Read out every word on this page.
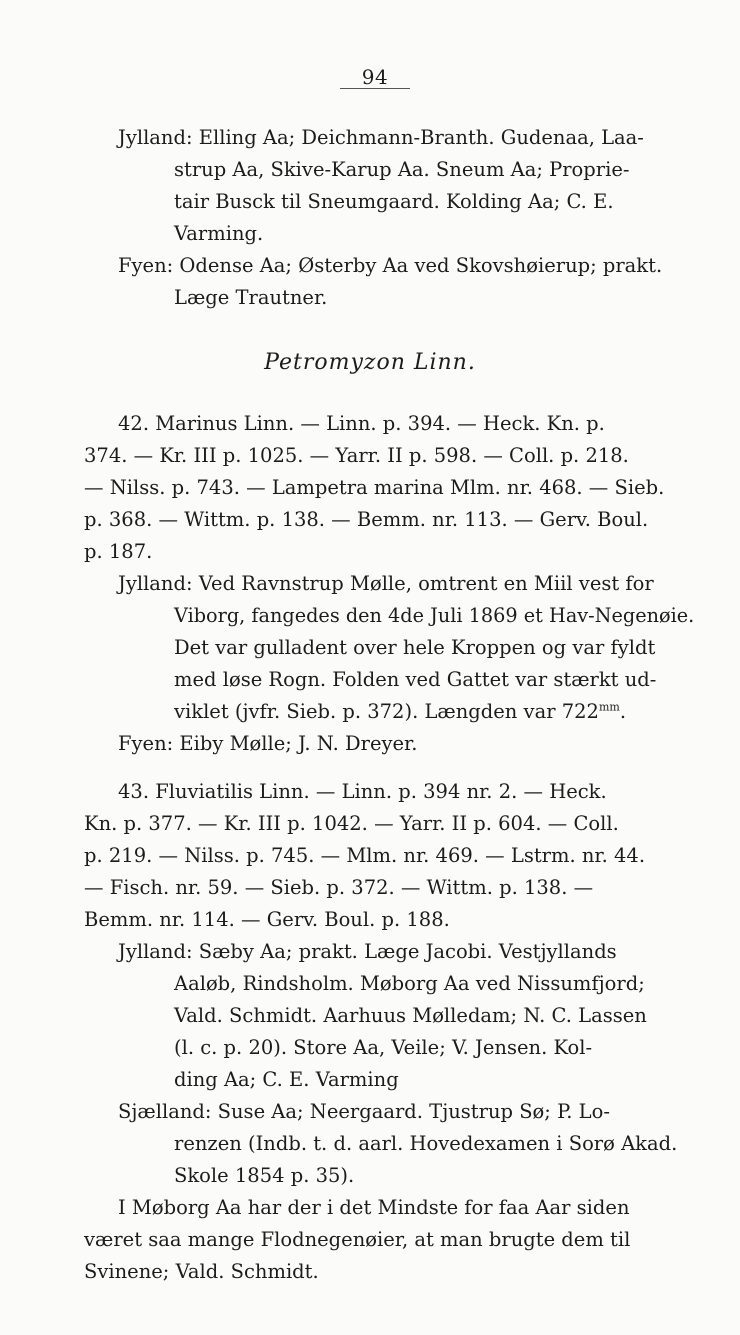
94
Jylland: Elling Aa; Deichmann-Branth. Gudenaa, Laa-
strup Aa, Skive-Karup Aa. Sneum Aa; Proprie-
tair Busck til Sneumgaard. Kolding Aa; C. E.
Varming.
Fyen: Odense Aa; Østerby Aa ved Skovshøierup; prakt.
Læge Trautner.
Petromyzon Linn.
42. Marinus Linn. — Linn. p. 394. — Heck. Kn. p.
374. — Kr. III p. 1025. — Yarr. II p. 598. — Coll. p. 218.
— Nilss. p. 743. — Lampetra marina Mlm. nr. 468. — Sieb.
p. 368. — Wittm. p. 138. — Bemm. nr. 113. — Gerv. Boul.
p. 187.
Jylland: Ved Ravnstrup Mølle, omtrent en Miil vest for
Viborg, fangedes den 4de Juli 1869 et Hav-Negenøie.
Det var gulladent over hele Kroppen og var fyldt
med løse Rogn. Folden ved Gattet var stærkt ud-
viklet (jvfr. Sieb. p. 372). Længden var $722^{mm}$.
Fyen: Eiby Mølle; J. N. Dreyer.
43. Fluviatilis Linn. — Linn. p. 394 nr. 2. — Heck.
Kn. p. 377. — Kr. III p. 1042. — Yarr. II p. 604. — Coll.
p. 219. — Nilss. p. 745. — Mlm. nr. 469. — Lstrm. nr. 44.
— Fisch. nr. 59. — Sieb. p. 372. — Wittm. p. 138. —
Bemm. nr. 114. — Gerv. Boul. p. 188.
Jylland: Sæby Aa; prakt. Læge Jacobi. Vestjyllands
Aaløb, Rindsholm. Møborg Aa ved Nissumfjord;
Vald. Schmidt. Aarhuus Mølledam; N. C. Lassen
(l. c. p. 20). Store Aa, Veile; V. Jensen. Kol-
ding Aa; C. E. Varming
Sjælland: Suse Aa; Neergaard. Tjustrup Sø; P. Lo-
renzen (Indb. t. d. aarl. Hovedexamen i Sorø Akad.
Skole 1854 p. 35).
I Møborg Aa har der i det Mindste for faa Aar siden
været saa mange Flodnegenøier, at man brugte dem til
Svinene; Vald. Schmidt.
